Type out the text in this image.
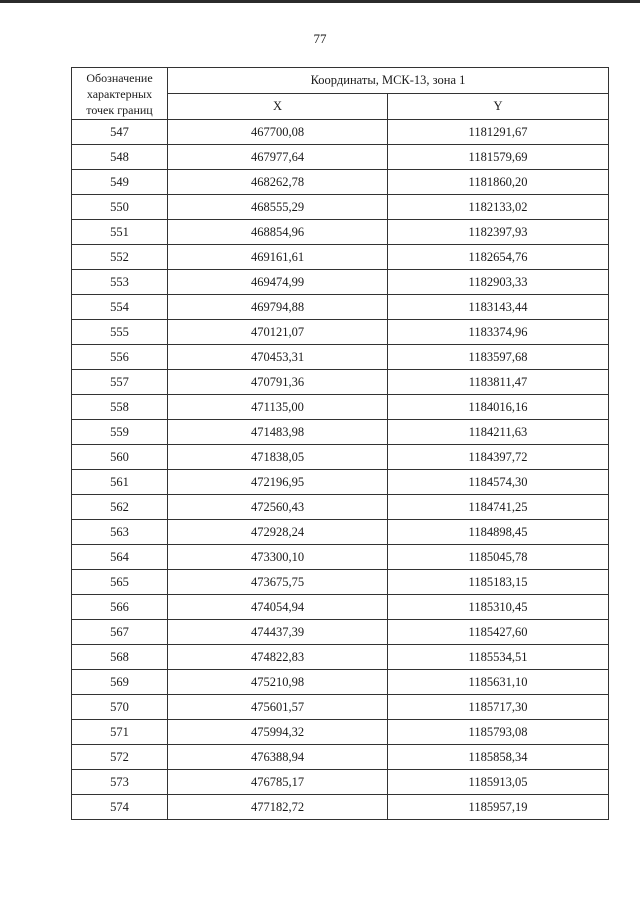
77
Обозначение характерных точек границ	Координаты, МСК-13, зона 1	
	X	Y
547	467700,08	1181291,67
548	467977,64	1181579,69
549	468262,78	1181860,20
550	468555,29	1182133,02
551	468854,96	1182397,93
552	469161,61	1182654,76
553	469474,99	1182903,33
554	469794,88	1183143,44
555	470121,07	1183374,96
556	470453,31	1183597,68
557	470791,36	1183811,47
558	471135,00	1184016,16
559	471483,98	1184211,63
560	471838,05	1184397,72
561	472196,95	1184574,30
562	472560,43	1184741,25
563	472928,24	1184898,45
564	473300,10	1185045,78
565	473675,75	1185183,15
566	474054,94	1185310,45
567	474437,39	1185427,60
568	474822,83	1185534,51
569	475210,98	1185631,10
570	475601,57	1185717,30
571	475994,32	1185793,08
572	476388,94	1185858,34
573	476785,17	1185913,05
574	477182,72	1185957,19
